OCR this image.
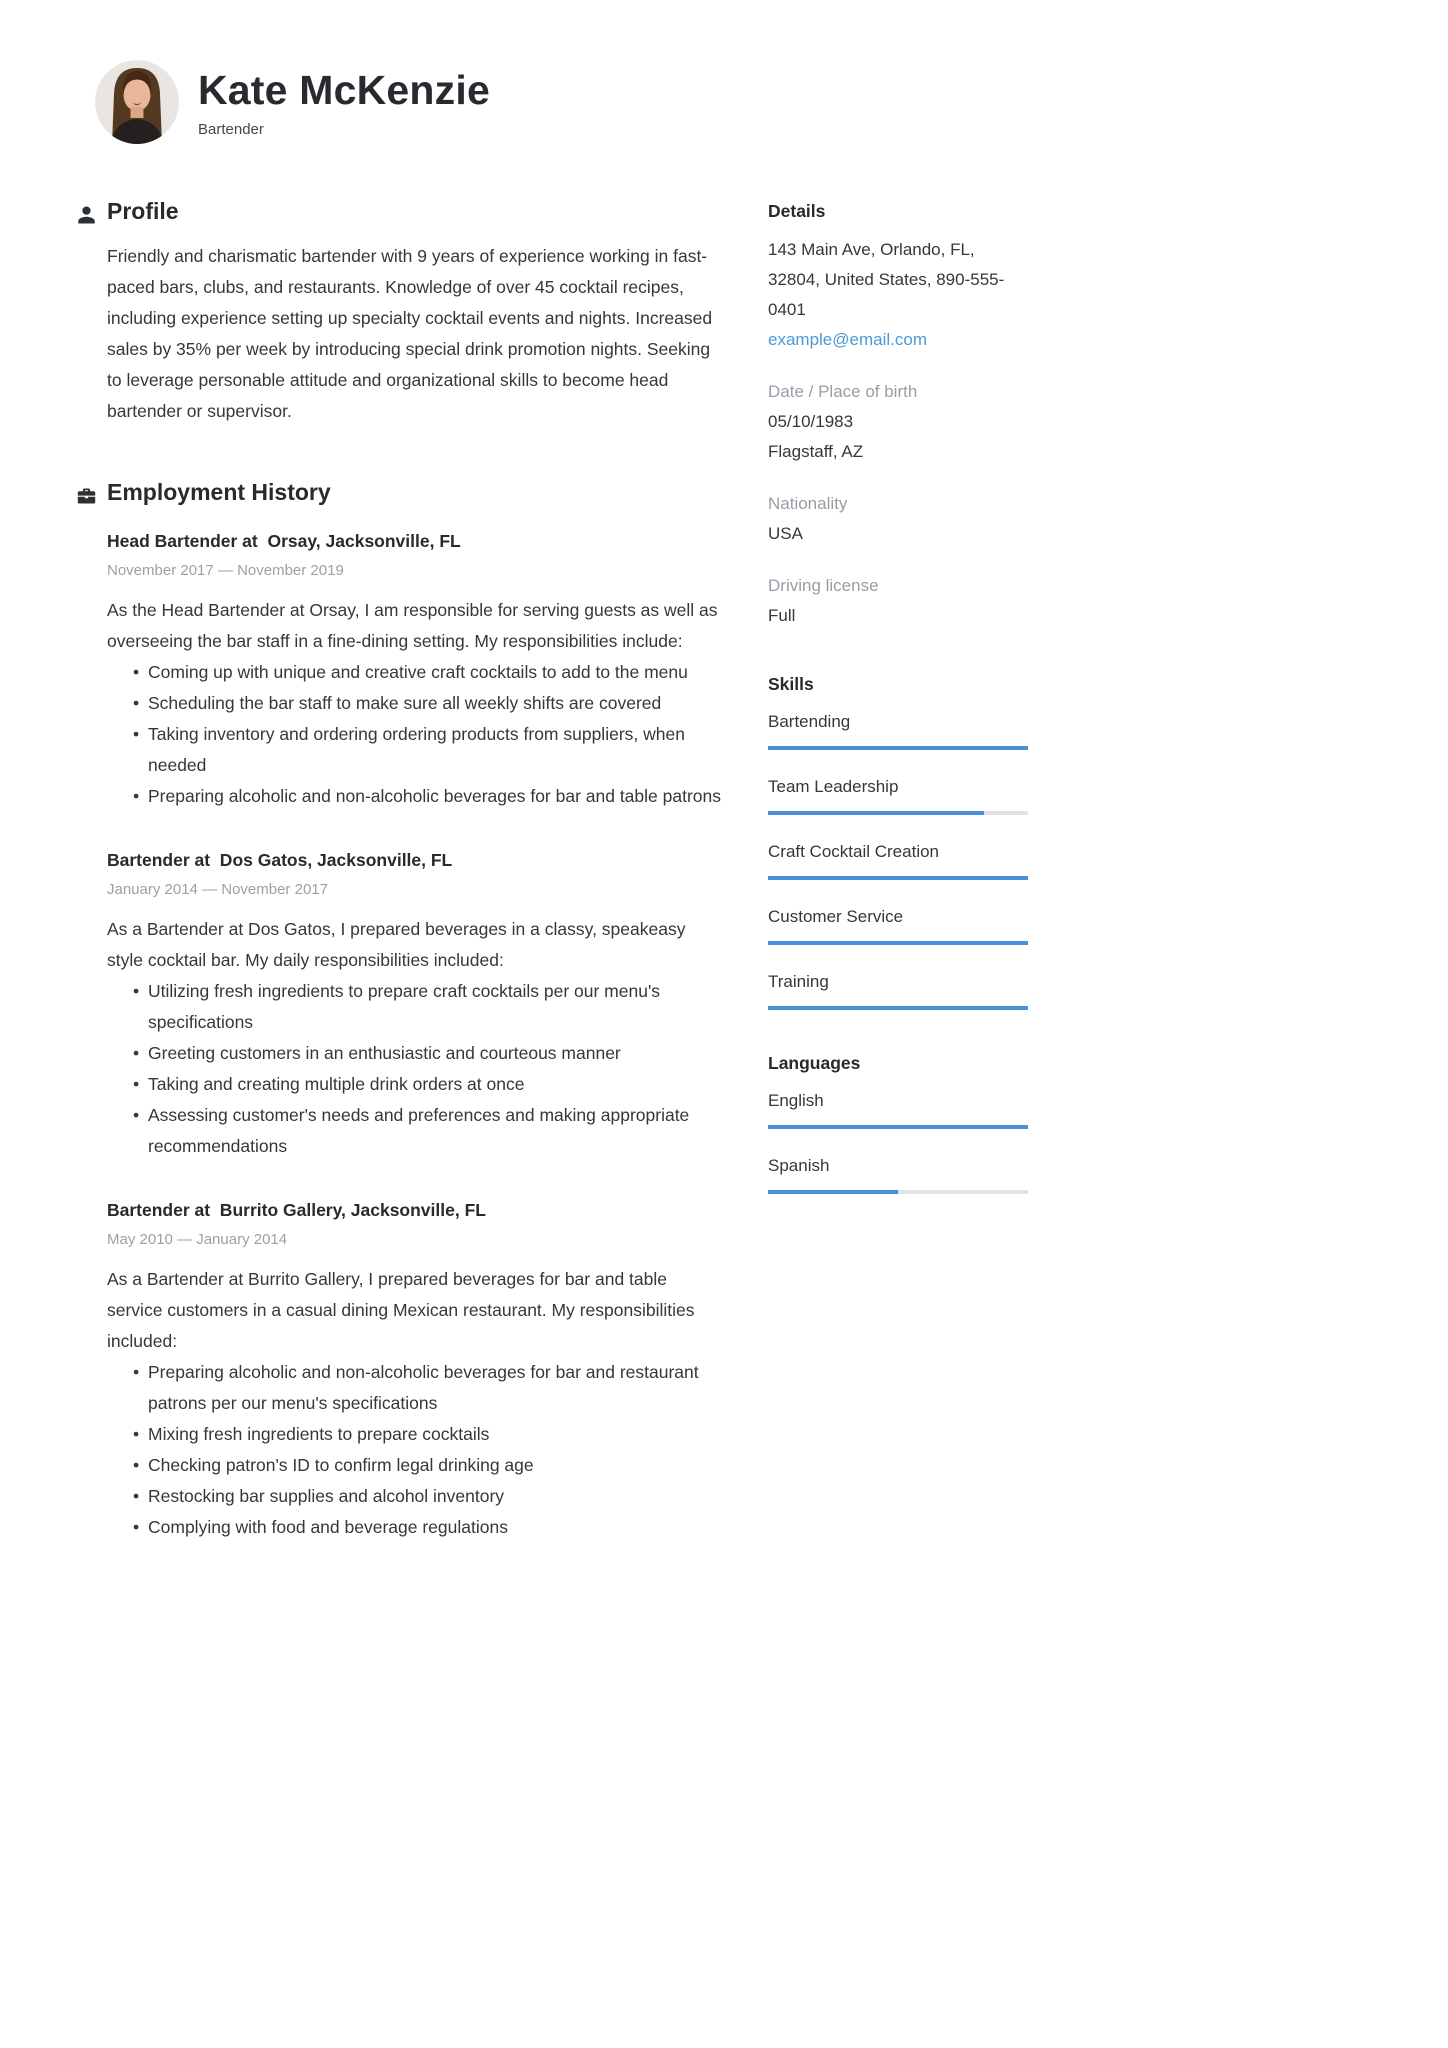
Kate McKenzie
Bartender
Profile

Friendly and charismatic bartender with 9 years of experience working in fast-paced bars, clubs, and restaurants. Knowledge of over 45 cocktail recipes, including experience setting up specialty cocktail events and nights. Increased sales by 35% per week by introducing special drink promotion nights. Seeking to leverage personable attitude and organizational skills to become head bartender or supervisor.

Employment History
Head Bartender at  Orsay, Jacksonville, FL
November 2017 — November 2019

As the Head Bartender at Orsay, I am responsible for serving guests as well as overseeing the bar staff in a fine-dining setting. My responsibilities include:

• Coming up with unique and creative craft cocktails to add to the menu
• Scheduling the bar staff to make sure all weekly shifts are covered
• Taking inventory and ordering ordering products from suppliers, when needed
• Preparing alcoholic and non-alcoholic beverages for bar and table patrons
Bartender at  Dos Gatos, Jacksonville, FL
January 2014 — November 2017

As a Bartender at Dos Gatos, I prepared beverages in a classy, speakeasy style cocktail bar. My daily responsibilities included:

• Utilizing fresh ingredients to prepare craft cocktails per our menu's specifications
• Greeting customers in an enthusiastic and courteous manner
• Taking and creating multiple drink orders at once
• Assessing customer's needs and preferences and making appropriate recommendations
Bartender at  Burrito Gallery, Jacksonville, FL
May 2010 — January 2014

As a Bartender at Burrito Gallery, I prepared beverages for bar and table service customers in a casual dining Mexican restaurant. My responsibilities included:

• Preparing alcoholic and non-alcoholic beverages for bar and restaurant patrons per our menu's specifications
• Mixing fresh ingredients to prepare cocktails
• Checking patron's ID to confirm legal drinking age
• Restocking bar supplies and alcohol inventory
• Complying with food and beverage regulations
Details
143 Main Ave, Orlando, FL, 32804, United States, 890-555-0401
example@email.com
Date / Place of birth
05/10/1983
Flagstaff, AZ
Nationality
USA
Driving license
Full
Skills
Bartending
Team Leadership
Craft Cocktail Creation
Customer Service
Training
Languages
English
Spanish
